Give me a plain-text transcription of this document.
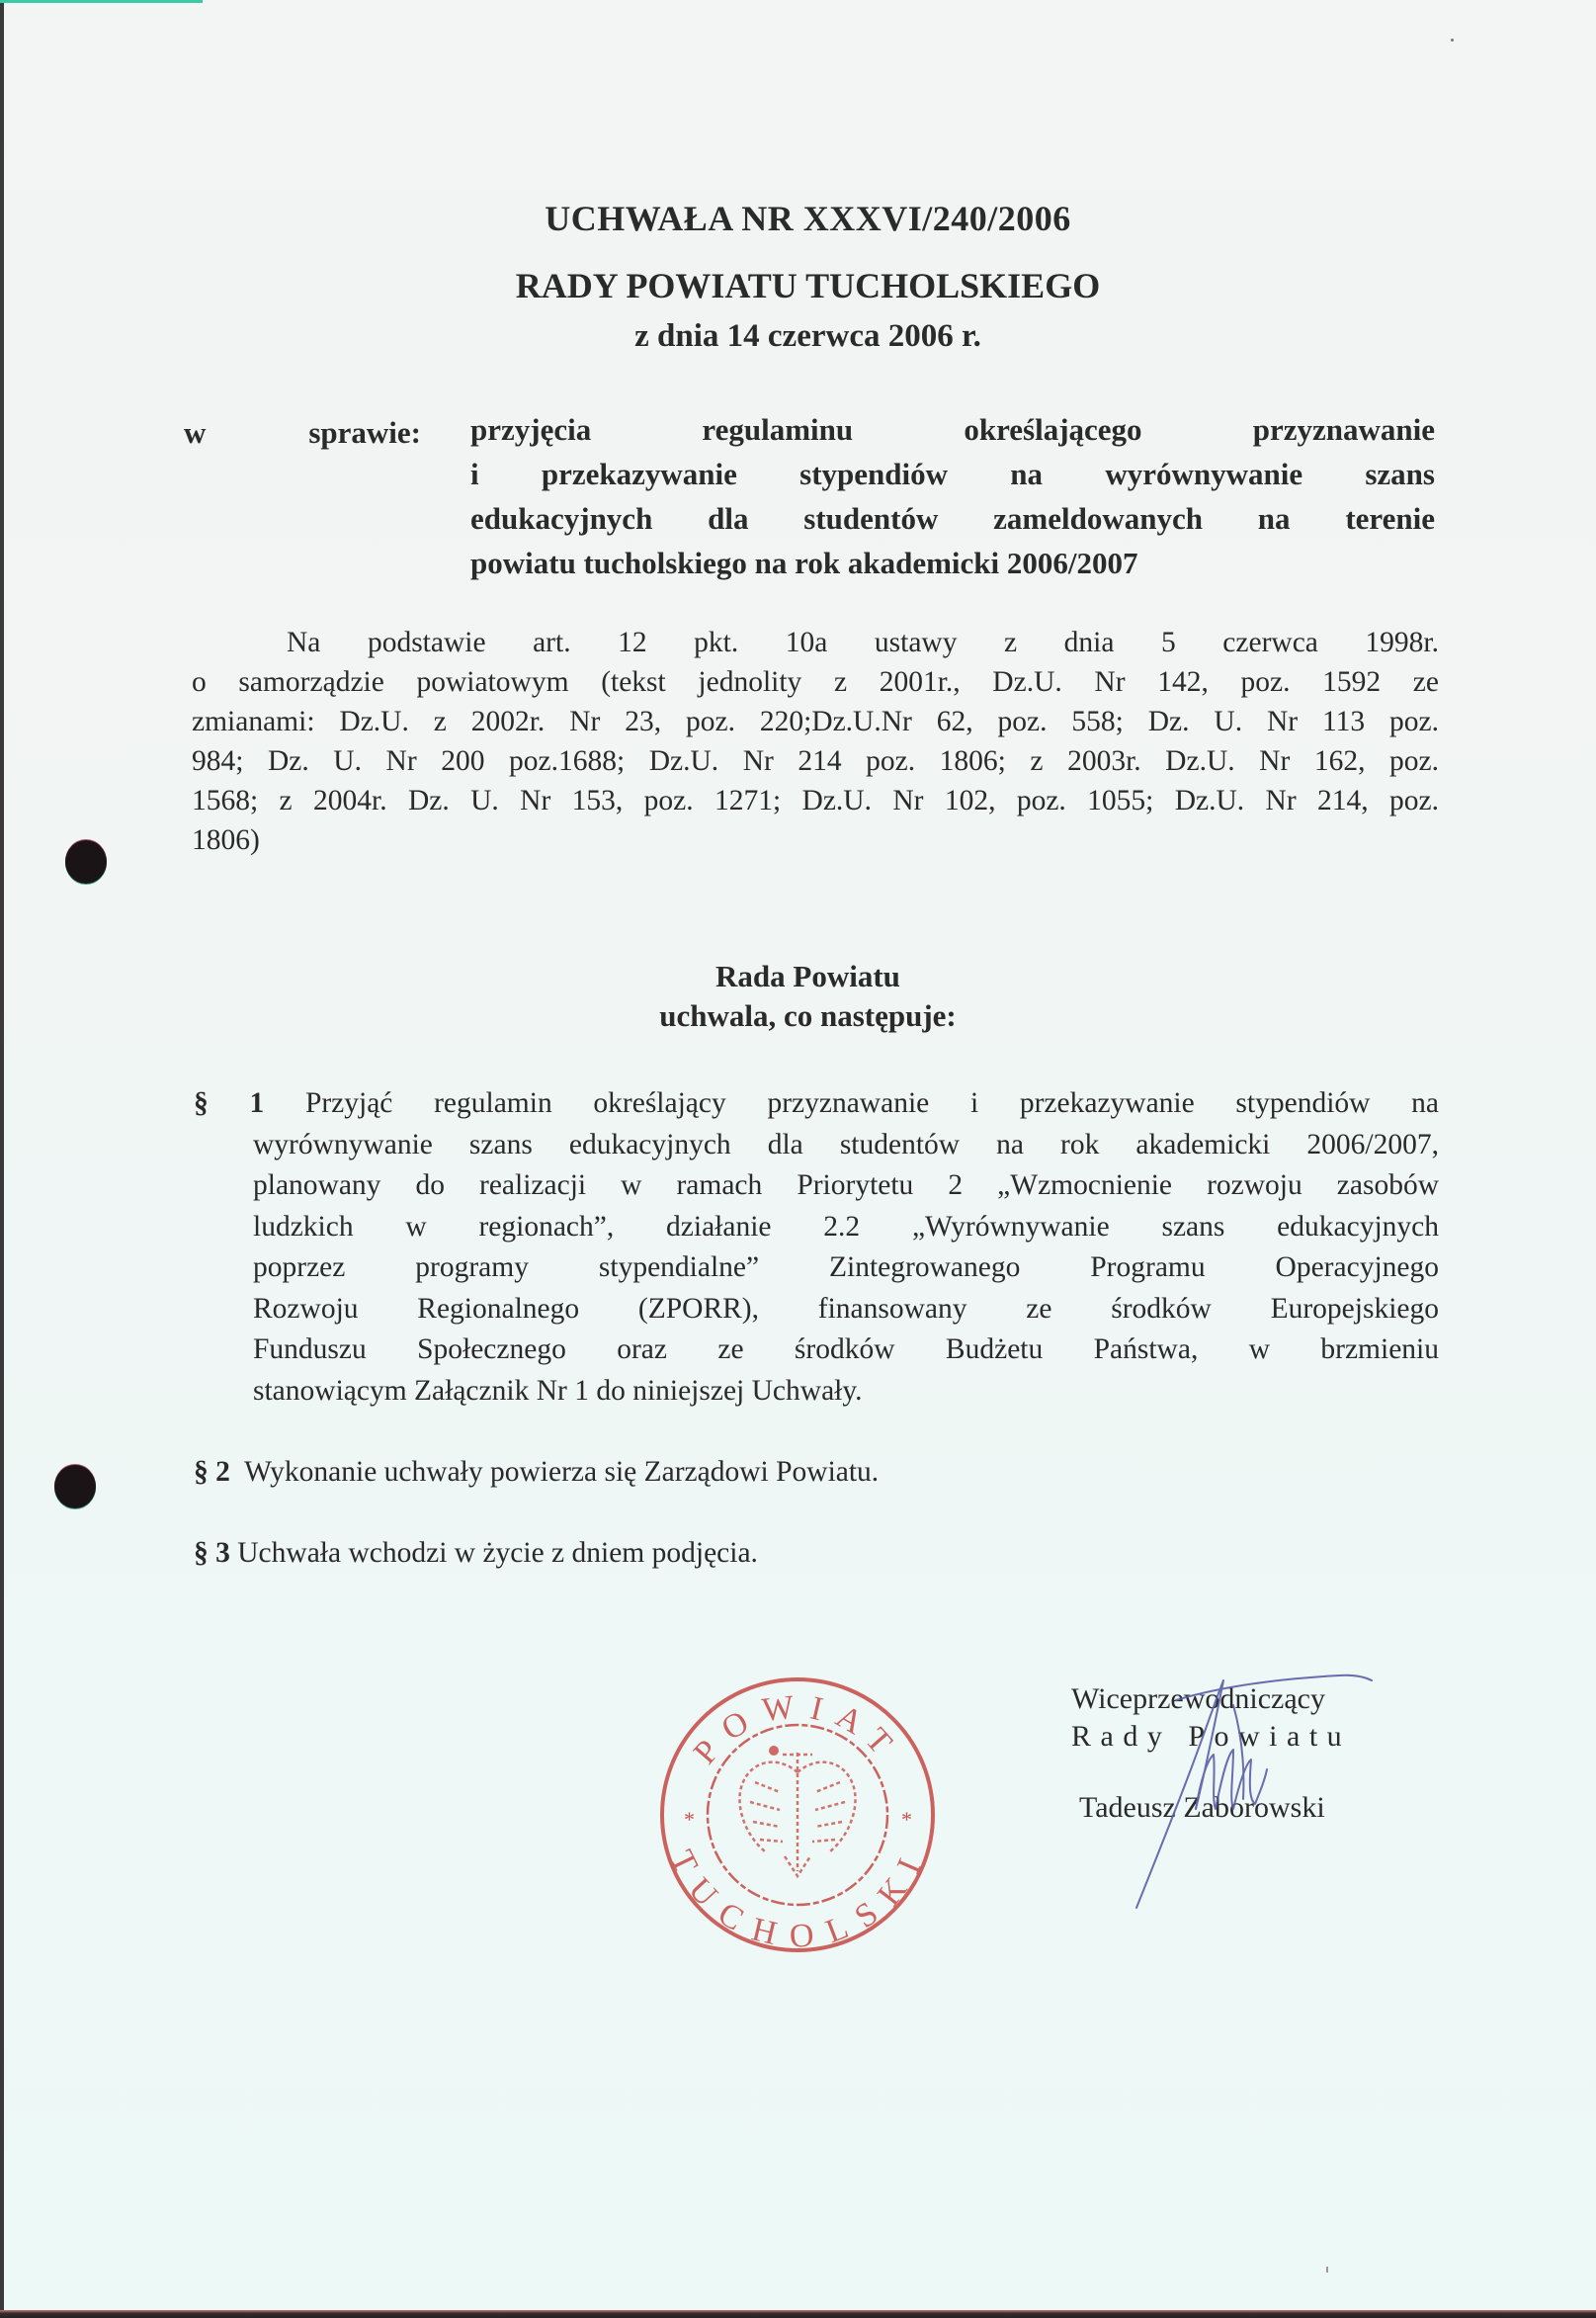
UCHWAŁA NR XXXVI/240/2006
RADY POWIATU TUCHOLSKIEGO
z dnia 14 czerwca 2006 r.
w	sprawie: przyjęcia regulaminu określającego przyznawanie
i przekazywanie stypendiów na wyrównywanie szans
edukacyjnych dla studentów zameldowanych na terenie
powiatu tucholskiego na rok akademicki 2006/2007
Na podstawie art. 12 pkt. 10a ustawy z dnia 5 czerwca 1998r.
o samorządzie powiatowym (tekst jednolity z 2001r., Dz.U. Nr 142, poz. 1592 ze
zmianami: Dz.U. z 2002r. Nr 23, poz. 220;Dz.U.Nr 62, poz. 558; Dz. U. Nr 113 poz.
984; Dz. U. Nr 200 poz.1688; Dz.U. Nr 214 poz. 1806; z 2003r. Dz.U. Nr 162, poz.
1568; z 2004r. Dz. U. Nr 153, poz. 1271; Dz.U. Nr 102, poz. 1055; Dz.U. Nr 214, poz.
1806)
Rada Powiatu
uchwala, co następuje:
§ 1 Przyjąć regulamin określający przyznawanie i przekazywanie stypendiów na
wyrównywanie szans edukacyjnych dla studentów na rok akademicki 2006/2007,
planowany do realizacji w ramach Priorytetu 2 „Wzmocnienie rozwoju zasobów
ludzkich w regionach”, działanie 2.2 „Wyrównywanie szans edukacyjnych
poprzez programy stypendialne” Zintegrowanego Programu Operacyjnego
Rozwoju Regionalnego (ZPORR), finansowany ze środków Europejskiego
Funduszu Społecznego oraz ze środków Budżetu Państwa, w brzmieniu
stanowiącym Załącznik Nr 1 do niniejszej Uchwały.
§ 2 Wykonanie uchwały powierza się Zarządowi Powiatu.
§ 3 Uchwała wchodzi w życie z dniem podjęcia.
POWIAT
TUCHOLSKI
*	*
Wiceprzewodniczący
Rady Powiatu
Tadeusz Zaborowski
